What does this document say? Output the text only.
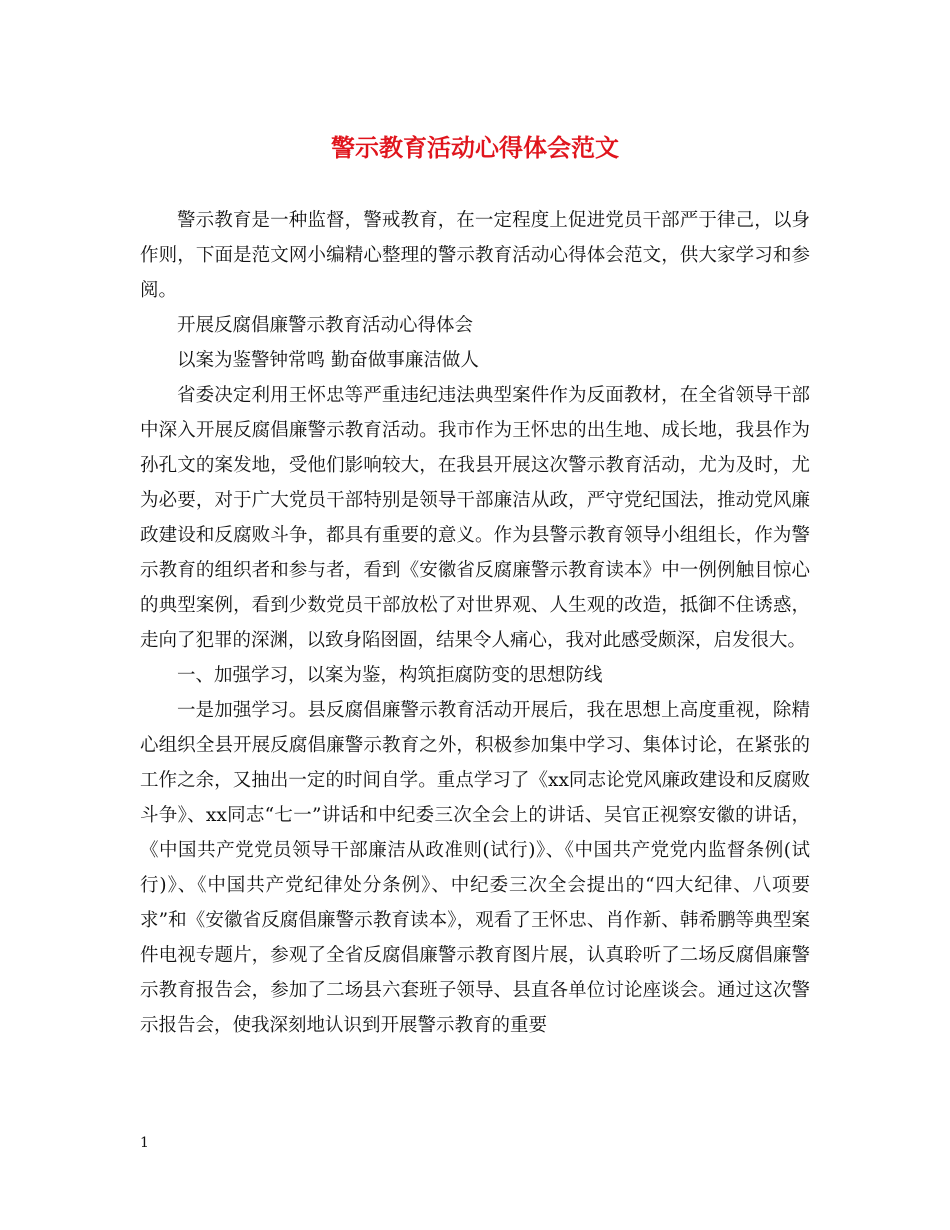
警示教育活动心得体会范文

警示教育是一种监督，警戒教育，在一定程度上促进党员干部严于律己，以身作则，下面是范文网小编精心整理的警示教育活动心得体会范文，供大家学习和参阅。

开展反腐倡廉警示教育活动心得体会

以案为鉴警钟常鸣 勤奋做事廉洁做人

省委决定利用王怀忠等严重违纪违法典型案件作为反面教材，在全省领导干部中深入开展反腐倡廉警示教育活动。我市作为王怀忠的出生地、成长地，我县作为孙孔文的案发地，受他们影响较大，在我县开展这次警示教育活动，尤为及时，尤为必要，对于广大党员干部特别是领导干部廉洁从政，严守党纪国法，推动党风廉政建设和反腐败斗争，都具有重要的意义。作为县警示教育领导小组组长，作为警示教育的组织者和参与者，看到《安徽省反腐廉警示教育读本》中一例例触目惊心的典型案例，看到少数党员干部放松了对世界观、人生观的改造，抵御不住诱惑，走向了犯罪的深渊，以致身陷囹圄，结果令人痛心，我对此感受颇深，启发很大。

一、加强学习，以案为鉴，构筑拒腐防变的思想防线

一是加强学习。县反腐倡廉警示教育活动开展后，我在思想上高度重视，除精心组织全县开展反腐倡廉警示教育之外，积极参加集中学习、集体讨论，在紧张的工作之余，又抽出一定的时间自学。重点学习了《xx同志论党风廉政建设和反腐败斗争》、xx同志“七一”讲话和中纪委三次全会上的讲话、吴官正视察安徽的讲话，《中国共产党党员领导干部廉洁从政准则(试行)》、《中国共产党党内监督条例(试行)》、《中国共产党纪律处分条例》、中纪委三次全会提出的“四大纪律、八项要求”和《安徽省反腐倡廉警示教育读本》，观看了王怀忠、肖作新、韩希鹏等典型案件电视专题片，参观了全省反腐倡廉警示教育图片展，认真聆听了二场反腐倡廉警示教育报告会，参加了二场县六套班子领导、县直各单位讨论座谈会。通过这次警示报告会，使我深刻地认识到开展警示教育的重要

1
